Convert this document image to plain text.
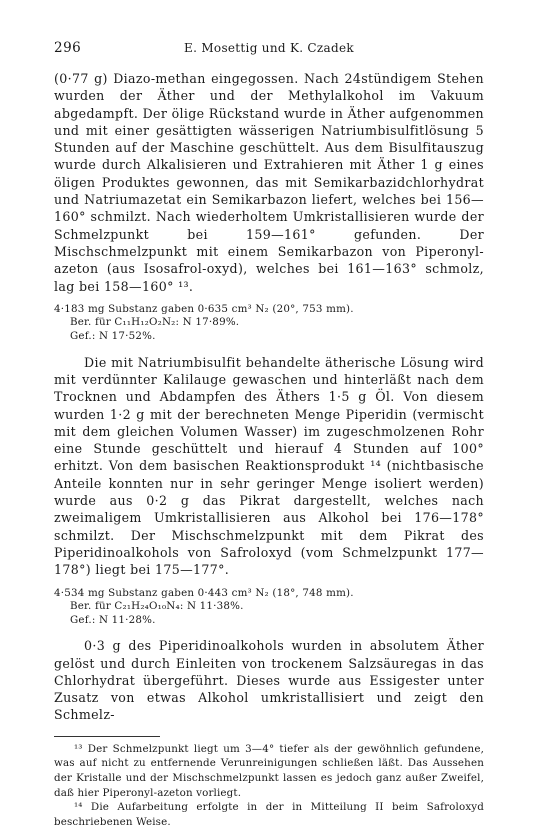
296	E. Mosettig und K. Czadek

(0·77 g) Diazo-methan eingegossen. Nach 24stündigem Stehen wurden der Äther und der Methylalkohol im Vakuum abgedampft. Der ölige Rückstand wurde in Äther aufgenommen und mit einer gesättigten wässerigen Natriumbisulfitlösung 5 Stunden auf der Maschine geschüttelt. Aus dem Bisulfitauszug wurde durch Alkalisieren und Extrahieren mit Äther 1 g eines öligen Produktes gewonnen, das mit Semikarbazidchlorhydrat und Natriumazetat ein Semikarbazon liefert, welches bei 156—160° schmilzt. Nach wiederholtem Umkristallisieren wurde der Schmelzpunkt bei 159—161° gefunden. Der Mischschmelzpunkt mit einem Semikarbazon von Piperonyl-azeton (aus Isosafrol-oxyd), welches bei 161—163° schmolz, lag bei 158—160° ¹³.

4·183 mg Substanz gaben 0·635 cm³ N₂ (20°, 753 mm).
Ber. für C₁₁H₁₂O₂N₂: N 17·89%.
Gef.: N 17·52%.

Die mit Natriumbisulfit behandelte ätherische Lösung wird mit verdünnter Kalilauge gewaschen und hinterläßt nach dem Trocknen und Abdampfen des Äthers 1·5 g Öl. Von diesem wurden 1·2 g mit der berechneten Menge Piperidin (vermischt mit dem gleichen Volumen Wasser) im zugeschmolzenen Rohr eine Stunde geschüttelt und hierauf 4 Stunden auf 100° erhitzt. Von dem basischen Reaktionsprodukt ¹⁴ (nichtbasische Anteile konnten nur in sehr geringer Menge isoliert werden) wurde aus 0·2 g das Pikrat dargestellt, welches nach zweimaligem Umkristallisieren aus Alkohol bei 176—178° schmilzt. Der Mischschmelzpunkt mit dem Pikrat des Piperidinoalkohols von Safroloxyd (vom Schmelzpunkt 177—178°) liegt bei 175—177°.

4·534 mg Substanz gaben 0·443 cm³ N₂ (18°, 748 mm).
Ber. für C₂₁H₂₄O₁₀N₄: N 11·38%.
Gef.: N 11·28%.

0·3 g des Piperidinoalkohols wurden in absolutem Äther gelöst und durch Einleiten von trockenem Salzsäuregas in das Chlorhydrat übergeführt. Dieses wurde aus Essigester unter Zusatz von etwas Alkohol umkristallisiert und zeigt den Schmelz-

¹³ Der Schmelzpunkt liegt um 3—4° tiefer als der gewöhnlich gefundene, was auf nicht zu entfernende Verunreinigungen schließen läßt. Das Aussehen der Kristalle und der Mischschmelzpunkt lassen es jedoch ganz außer Zweifel, daß hier Piperonyl-azeton vorliegt.

¹⁴ Die Aufarbeitung erfolgte in der in Mitteilung II beim Safroloxyd beschriebenen Weise.
